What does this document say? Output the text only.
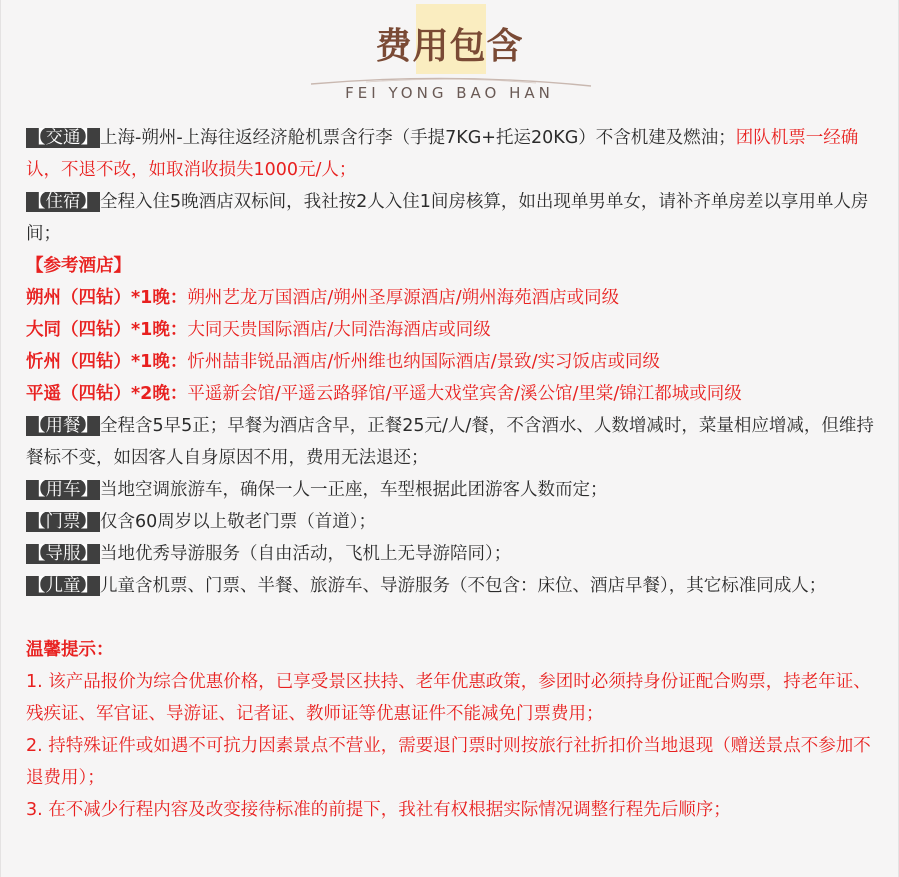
费用包含
FEI YONG BAO HAN

【交通】 上海-朔州-上海往返经济舱机票含行李（手提7KG+托运20KG）不含机建及燃油；团队机票一经确认，不退不改，如取消收损失1000元/人；

【住宿】 全程入住5晚酒店双标间，我社按2人入住1间房核算，如出现单男单女，请补齐单房差以享用单人房间；

【参考酒店】

朔州（四钻）*1晚：朔州艺龙万国酒店/朔州圣厚源酒店/朔州海苑酒店或同级

大同（四钻）*1晚：大同天贵国际酒店/大同浩海酒店或同级

忻州（四钻）*1晚：忻州喆非锐品酒店/忻州维也纳国际酒店/景致/实习饭店或同级

平遥（四钻）*2晚：平遥新会馆/平遥云路驿馆/平遥大戏堂宾舍/溪公馆/里棠/锦江都城或同级

【用餐】 全程含5早5正；早餐为酒店含早，正餐25元/人/餐，不含酒水、人数增减时，菜量相应增减，但维持餐标不变，如因客人自身原因不用，费用无法退还；

【用车】 当地空调旅游车，确保一人一正座，车型根据此团游客人数而定；

【门票】 仅含60周岁以上敬老门票（首道）；

【导服】 当地优秀导游服务（自由活动，飞机上无导游陪同）；

【儿童】 儿童含机票、门票、半餐、旅游车、导游服务（不包含：床位、酒店早餐），其它标准同成人；

温馨提示：

1. 该产品报价为综合优惠价格，已享受景区扶持、老年优惠政策，参团时必须持身份证配合购票，持老年证、残疾证、军官证、导游证、记者证、教师证等优惠证件不能减免门票费用；

2. 持特殊证件或如遇不可抗力因素景点不营业，需要退门票时则按旅行社折扣价当地退现（赠送景点不参加不退费用）；

3. 在不减少行程内容及改变接待标准的前提下，我社有权根据实际情况调整行程先后顺序；
